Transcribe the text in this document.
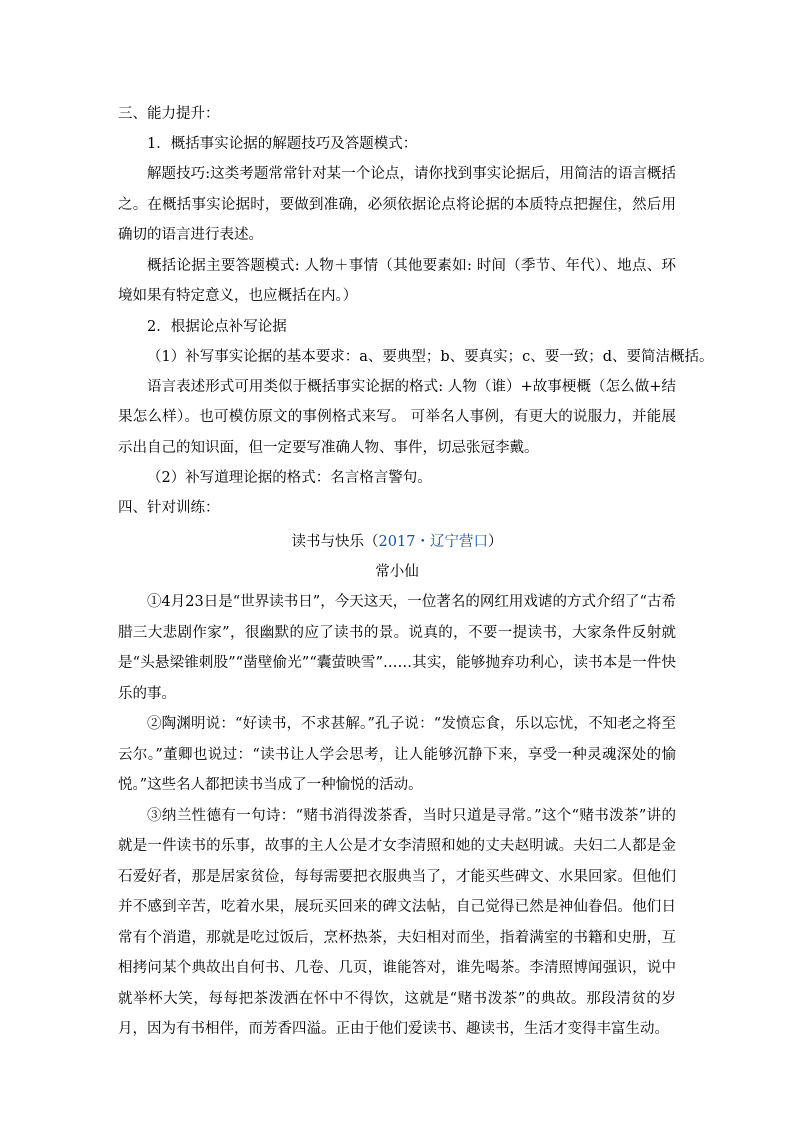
三、能力提升：
1．概括事实论据的解题技巧及答题模式：

解题技巧:这类考题常常针对某一个论点，请你找到事实论据后，用简洁的语言概括之。在概括事实论据时，要做到准确，必须依据论点将论据的本质特点把握住，然后用确切的语言进行表述。

概括论据主要答题模式: 人物＋事情（其他要素如: 时间（季节、年代）、地点、环境如果有特定意义，也应概括在内。）

2．根据论点补写论据
（1）补写事实论据的基本要求：a、要典型；b、要真实；c、要一致；d、要简洁概括。

语言表述形式可用类似于概括事实论据的格式: 人物（谁）+故事梗概（怎么做+结果怎么样）。也可模仿原文的事例格式来写。 可举名人事例，有更大的说服力，并能展示出自己的知识面，但一定要写准确人物、事件，切忌张冠李戴。

（2）补写道理论据的格式：名言格言警句。
四、针对训练：
读书与快乐（2017・辽宁营口）
常小仙

①4月23日是“世界读书日”，今天这天，一位著名的网红用戏谑的方式介绍了“古希腊三大悲剧作家”，很幽默的应了读书的景。说真的，不要一提读书，大家条件反射就是“头悬梁锥刺股”“凿壁偷光”“囊萤映雪”……其实，能够抛弃功利心，读书本是一件快乐的事。

②陶渊明说：“好读书，不求甚解。”孔子说：“发愤忘食，乐以忘忧，不知老之将至云尔。”董卿也说过：“读书让人学会思考，让人能够沉静下来，享受一种灵魂深处的愉悦。”这些名人都把读书当成了一种愉悦的活动。

③纳兰性德有一句诗：“赌书消得泼茶香，当时只道是寻常。”这个“赌书泼茶”讲的就是一件读书的乐事，故事的主人公是才女李清照和她的丈夫赵明诚。夫妇二人都是金石爱好者，那是居家贫俭，每每需要把衣服典当了，才能买些碑文、水果回家。但他们并不感到辛苦，吃着水果，展玩买回来的碑文法帖，自己觉得已然是神仙眷侣。他们日常有个消遣，那就是吃过饭后，烹杯热茶，夫妇相对而坐，指着满室的书籍和史册，互相拷问某个典故出自何书、几卷、几页，谁能答对，谁先喝茶。李清照博闻强识，说中就举杯大笑，每每把茶泼洒在怀中不得饮，这就是“赌书泼茶”的典故。那段清贫的岁月，因为有书相伴，而芳香四溢。正由于他们爱读书、趣读书，生活才变得丰富生动。
